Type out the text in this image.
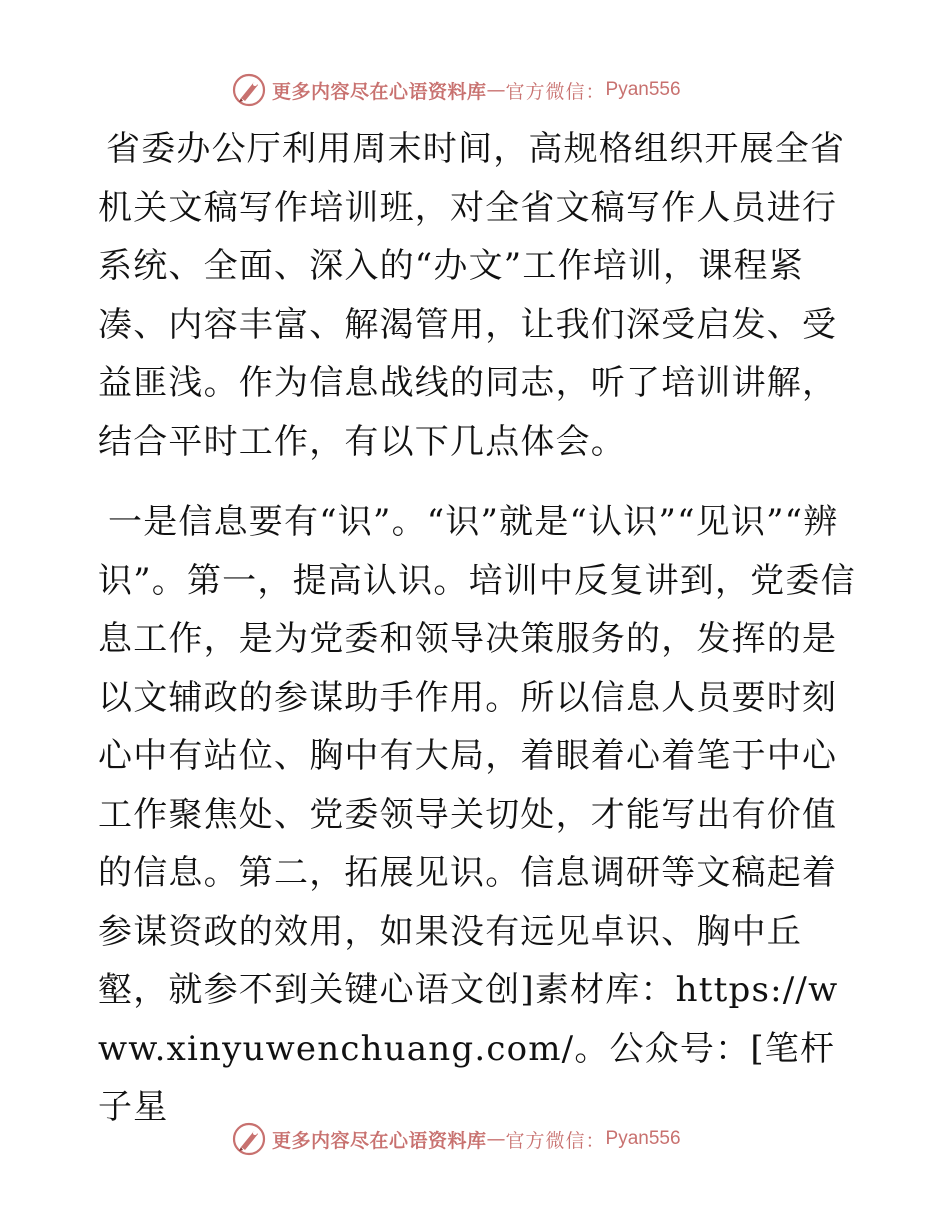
更多内容尽在心语资料库 — 官方微信： Pyan556

省委办公厅利用周末时间，高规格组织开展全省机关文稿写作培训班，对全省文稿写作人员进行系统、全面、深入的“办文”工作培训，课程紧凑、内容丰富、解渴管用，让我们深受启发、受益匪浅。作为信息战线的同志，听了培训讲解，结合平时工作，有以下几点体会。

一是信息要有“识”。“识”就是“认识”“见识”“辨识”。第一，提高认识。培训中反复讲到，党委信息工作，是为党委和领导决策服务的，发挥的是以文辅政的参谋助手作用。所以信息人员要时刻心中有站位、胸中有大局，着眼着心着笔于中心工作聚焦处、党委领导关切处，才能写出有价值的信息。第二，拓展见识。信息调研等文稿起着参谋资政的效用，如果没有远见卓识、胸中丘壑，就参不到关键心语文创]素材库：https://www.xinyuwenchuang.com/。公众号：[笔杆子星

更多内容尽在心语资料库 — 官方微信： Pyan556
